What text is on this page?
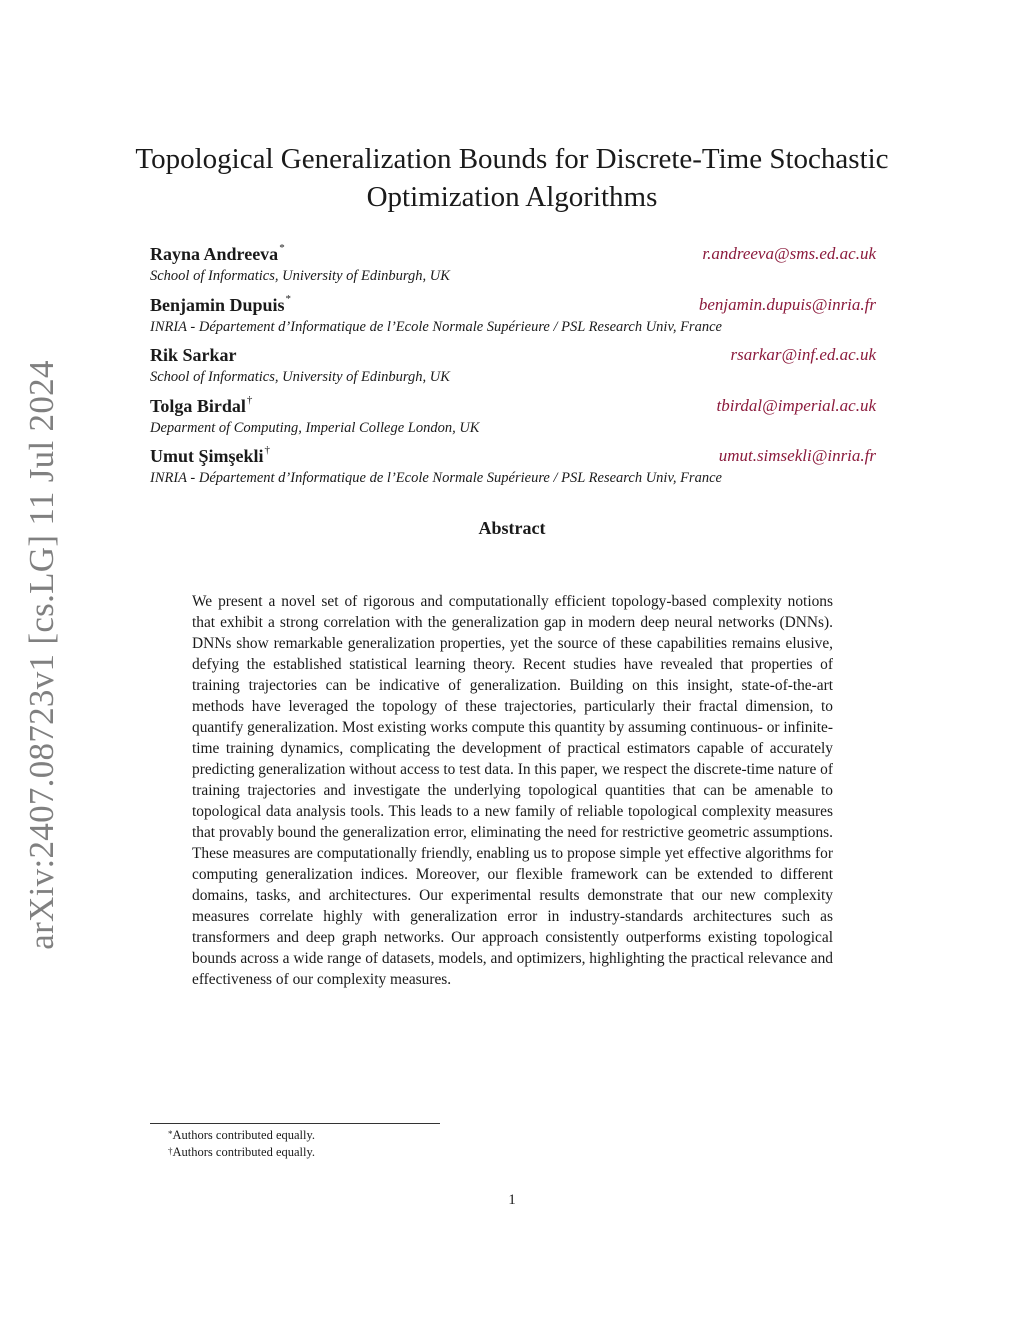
arXiv:2407.08723v1 [cs.LG] 11 Jul 2024
Topological Generalization Bounds for Discrete-Time Stochastic Optimization Algorithms
Rayna Andreeva*	r.andreeva@sms.ed.ac.uk
School of Informatics, University of Edinburgh, UK
Benjamin Dupuis*	benjamin.dupuis@inria.fr
INRIA - Département d’Informatique de l’Ecole Normale Supérieure / PSL Research Univ, France
Rik Sarkar	rsarkar@inf.ed.ac.uk
School of Informatics, University of Edinburgh, UK
Tolga Birdal†	tbirdal@imperial.ac.uk
Deparment of Computing, Imperial College London, UK
Umut Şimşekli†	umut.simsekli@inria.fr
INRIA - Département d’Informatique de l’Ecole Normale Supérieure / PSL Research Univ, France
Abstract

We present a novel set of rigorous and computationally efficient topology-based complexity notions that exhibit a strong correlation with the generalization gap in modern deep neural networks (DNNs). DNNs show remarkable generalization properties, yet the source of these capabilities remains elusive, defying the established statistical learning theory. Recent studies have revealed that properties of training trajectories can be indicative of generalization. Building on this insight, state-of-the-art methods have leveraged the topology of these trajectories, particularly their fractal dimension, to quantify generalization. Most existing works compute this quantity by assuming continuous- or infinite-time training dynamics, complicating the development of practical estimators capable of accurately predicting generalization without access to test data. In this paper, we respect the discrete-time nature of training trajectories and investigate the underlying topological quantities that can be amenable to topological data analysis tools. This leads to a new family of reliable topological complexity measures that provably bound the generalization error, eliminating the need for restrictive geometric assumptions. These measures are computationally friendly, enabling us to propose simple yet effective algorithms for computing generalization indices. Moreover, our flexible framework can be extended to different domains, tasks, and architectures. Our experimental results demonstrate that our new complexity measures correlate highly with generalization error in industry-standards architectures such as transformers and deep graph networks. Our approach consistently outperforms existing topological bounds across a wide range of datasets, models, and optimizers, highlighting the practical relevance and effectiveness of our complexity measures.

*Authors contributed equally.
†Authors contributed equally.
1
